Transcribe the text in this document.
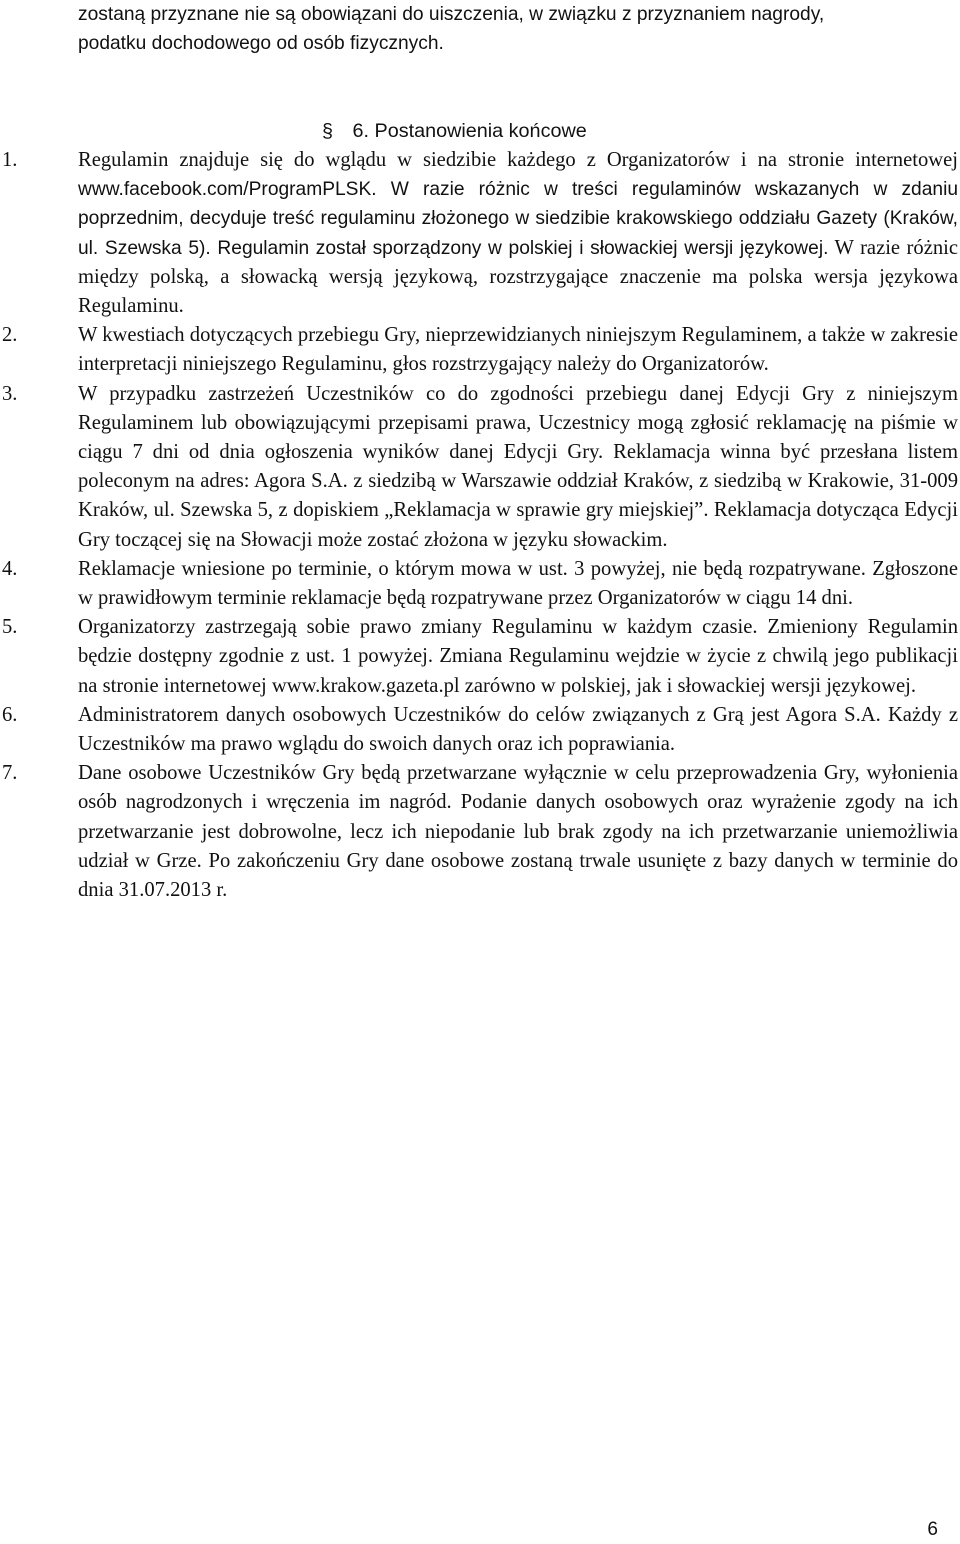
zostaną przyznane nie są obowiązani do uiszczenia, w związku z przyznaniem nagrody,
podatku dochodowego od osób fizycznych.
§ 6. Postanowienia końcowe
1.	Regulamin znajduje się do wglądu w siedzibie każdego z Organizatorów i na stronie internetowej www.facebook.com/ProgramPLSK. W razie różnic w treści regulaminów wskazanych w zdaniu poprzednim, decyduje treść regulaminu złożonego w siedzibie krakowskiego oddziału Gazety (Kraków, ul. Szewska 5). Regulamin został sporządzony w polskiej i słowackiej wersji językowej. W razie różnic między polską, a słowacką wersją językową, rozstrzygające znaczenie ma polska wersja językowa Regulaminu.
2.	W kwestiach dotyczących przebiegu Gry, nieprzewidzianych niniejszym Regulaminem, a także w zakresie interpretacji niniejszego Regulaminu, głos rozstrzygający należy do Organizatorów.
3.	W przypadku zastrzeżeń Uczestników co do zgodności przebiegu danej Edycji Gry z niniejszym Regulaminem lub obowiązującymi przepisami prawa, Uczestnicy mogą zgłosić reklamację na piśmie w ciągu 7 dni od dnia ogłoszenia wyników danej Edycji Gry. Reklamacja winna być przesłana listem poleconym na adres: Agora S.A. z siedzibą w Warszawie oddział Kraków, z siedzibą w Krakowie, 31-009 Kraków, ul. Szewska 5, z dopiskiem „Reklamacja w sprawie gry miejskiej”. Reklamacja dotycząca Edycji Gry toczącej się na Słowacji może zostać złożona w języku słowackim.
4.	Reklamacje wniesione po terminie, o którym mowa w ust. 3 powyżej, nie będą rozpatrywane. Zgłoszone w prawidłowym terminie reklamacje będą rozpatrywane przez Organizatorów w ciągu 14 dni.
5.	Organizatorzy zastrzegają sobie prawo zmiany Regulaminu w każdym czasie. Zmieniony Regulamin będzie dostępny zgodnie z ust. 1 powyżej. Zmiana Regulaminu wejdzie w życie z chwilą jego publikacji na stronie internetowej www.krakow.gazeta.pl zarówno w polskiej, jak i słowackiej wersji językowej.
6.	Administratorem danych osobowych Uczestników do celów związanych z Grą jest Agora S.A. Każdy z Uczestników ma prawo wglądu do swoich danych oraz ich poprawiania.
7.	Dane osobowe Uczestników Gry będą przetwarzane wyłącznie w celu przeprowadzenia Gry, wyłonienia osób nagrodzonych i wręczenia im nagród. Podanie danych osobowych oraz wyrażenie zgody na ich przetwarzanie jest dobrowolne, lecz ich niepodanie lub brak zgody na ich przetwarzanie uniemożliwia udział w Grze. Po zakończeniu Gry dane osobowe zostaną trwale usunięte z bazy danych w terminie do dnia 31.07.2013 r.
6
